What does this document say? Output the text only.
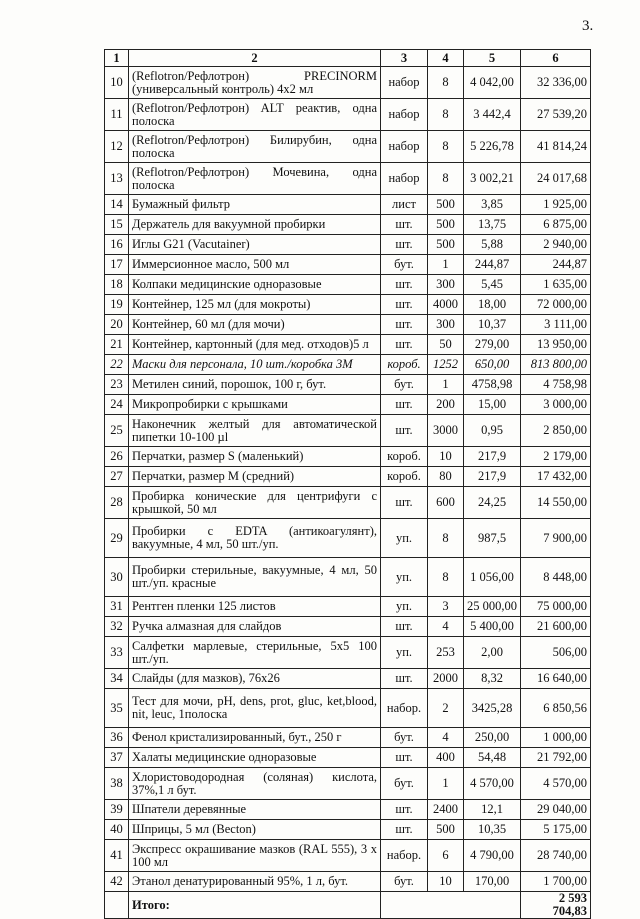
3.
1	2	3	4	5	6
10	(Reflotron/Рефлотрон) PRECINORM (универсальный контроль) 4х2 мл	набор	8	4 042,00	32 336,00
11	(Reflotron/Рефлотрон) ALT реактив, одна полоска	набор	8	3 442,4	27 539,20
12	(Reflotron/Рефлотрон) Билирубин, одна полоска	набор	8	5 226,78	41 814,24
13	(Reflotron/Рефлотрон) Мочевина, одна полоска	набор	8	3 002,21	24 017,68
14	Бумажный фильтр	лист	500	3,85	1 925,00
15	Держатель для вакуумной пробирки	шт.	500	13,75	6 875,00
16	Иглы G21 (Vacutainer)	шт.	500	5,88	2 940,00
17	Иммерсионное масло, 500 мл	бут.	1	244,87	244,87
18	Колпаки медицинские одноразовые	шт.	300	5,45	1 635,00
19	Контейнер, 125 мл (для мокроты)	шт.	4000	18,00	72 000,00
20	Контейнер, 60 мл (для мочи)	шт.	300	10,37	3 111,00
21	Контейнер, картонный (для мед. отходов)5 л	шт.	50	279,00	13 950,00
22	Маски для персонала, 10 шт./коробка 3М	короб.	1252	650,00	813 800,00
23	Метилен синий, порошок, 100 г, бут.	бут.	1	4758,98	4 758,98
24	Микропробирки с крышками	шт.	200	15,00	3 000,00
25	Наконечник желтый для автоматической пипетки 10-100 µl	шт.	3000	0,95	2 850,00
26	Перчатки, размер S (маленький)	короб.	10	217,9	2 179,00
27	Перчатки, размер М (средний)	короб.	80	217,9	17 432,00
28	Пробирка конические для центрифуги с крышкой, 50 мл	шт.	600	24,25	14 550,00
29	Пробирки с EDTA (антикоагулянт), вакуумные, 4 мл, 50 шт./уп.	уп.	8	987,5	7 900,00
30	Пробирки стерильные, вакуумные, 4 мл, 50 шт./уп. красные	уп.	8	1 056,00	8 448,00
31	Рентген пленки 125 листов	уп.	3	25 000,00	75 000,00
32	Ручка алмазная для слайдов	шт.	4	5 400,00	21 600,00
33	Салфетки марлевые, стерильные, 5х5 100 шт./уп.	уп.	253	2,00	506,00
34	Слайды (для мазков), 76х26	шт.	2000	8,32	16 640,00
35	Тест для мочи, pH, dens, prot, gluc, ket,blood, nit, leuc, 1полоска	набор.	2	3425,28	6 850,56
36	Фенол кристализированный, бут., 250 г	бут.	4	250,00	1 000,00
37	Халаты медицинские одноразовые	шт.	400	54,48	21 792,00
38	Хлористоводородная (соляная) кислота, 37%,1 л бут.	бут.	1	4 570,00	4 570,00
39	Шпатели деревянные	шт.	2400	12,1	29 040,00
40	Шприцы, 5 мл (Becton)	шт.	500	10,35	5 175,00
41	Экспресс окрашивание мазков (RAL 555), 3 х 100 мл	набор.	6	4 790,00	28 740,00
42	Этанол денатурированный 95%, 1 л, бут.	бут.	10	170,00	1 700,00
	Итого:				2 593 704,83
